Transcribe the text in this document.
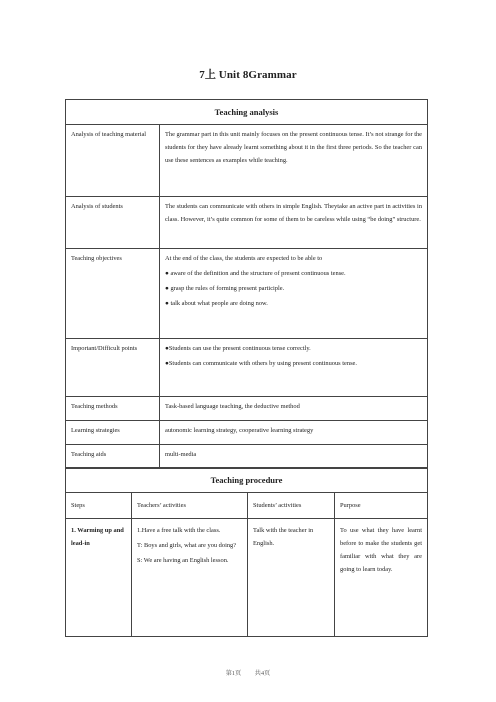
7上 Unit 8Grammar
Teaching analysis	
Analysis of teaching material	The grammar part in this unit mainly focuses on the present continuous tense. It’s not strange for the students for they have already learnt something about it in the first three periods. So the teacher can use these sentences as examples while teaching.
Analysis of students	The students can communicate with others in simple English. Theytake an active part in activities in class. However, it’s quite common for some of them to be careless while using “be doing” structure.
Teaching objectives	At the end of the class, the students are expected to be able to
● aware of the definition and the structure of present continuous tense.
● grasp the rules of forming present participle.
● talk about what people are doing now.

Important/Difficult points	●Students can use the present continuous tense correctly.
●Students can communicate with others by using present continuous tense.

Teaching methods	Task-based language teaching, the deductive method
Learning strategies	autonomic learning strategy, cooperative learning strategy
Teaching aids	multi-media
Teaching procedure			
Steps	Teachers’ activities	Students’ activities	Purpose
1. Warming up and lead-in	1.Have a free talk with the class.
T: Boys and girls, what are you doing?
S: We are having an English lesson.	Talk with the teacher in English.	To use what they have learnt before to make the students get familiar with what they are going to learn today.
第1页 共4页
